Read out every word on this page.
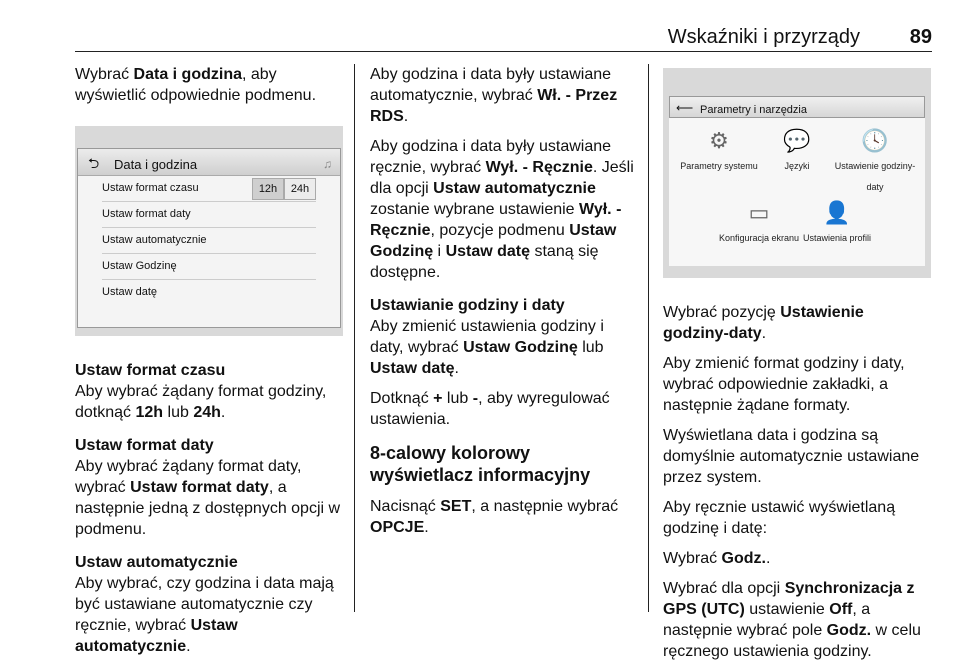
Wskaźniki i przyrządy 89

Wybrać Data i godzina, aby wyświetlić odpowiednie podmenu.

⮌ Data i godzina	♫
Ustaw format czasu	12h	24h
Ustaw format daty
Ustaw automatycznie
Ustaw Godzinę
Ustaw datę

Ustaw format czasu

Aby wybrać żądany format godziny, dotknąć 12h lub 24h.

Ustaw format daty

Aby wybrać żądany format daty, wybrać Ustaw format daty, a następnie jedną z dostępnych opcji w podmenu.

Ustaw automatycznie

Aby wybrać, czy godzina i data mają być ustawiane automatycznie czy ręcznie, wybrać Ustaw automatycznie.

Aby godzina i data były ustawiane automatycznie, wybrać Wł. - Przez RDS.

Aby godzina i data były ustawiane ręcznie, wybrać Wył. - Ręcznie. Jeśli dla opcji Ustaw automatycznie zostanie wybrane ustawienie Wył. - Ręcznie, pozycje podmenu Ustaw Godzinę i Ustaw datę staną się dostępne.

Ustawianie godziny i daty

Aby zmienić ustawienia godziny i daty, wybrać Ustaw Godzinę lub Ustaw datę.

Dotknąć + lub -, aby wyregulować ustawienia.

8-calowy kolorowy wyświetlacz informacyjny

Nacisnąć SET, a następnie wybrać OPCJE.

⟵ Parametry i narzędzia
⚙
Parametry systemu
💬
Języki
🕓
Ustawienie godziny-daty
▭
Konfiguracja ekranu
👤
Ustawienia profili

Wybrać pozycję Ustawienie godziny-daty.

Aby zmienić format godziny i daty, wybrać odpowiednie zakładki, a następnie żądane formaty.

Wyświetlana data i godzina są domyślnie automatycznie ustawiane przez system.

Aby ręcznie ustawić wyświetlaną godzinę i datę:

Wybrać Godz..

Wybrać dla opcji Synchronizacja z GPS (UTC) ustawienie Off, a następnie wybrać pole Godz. w celu ręcznego ustawienia godziny.
